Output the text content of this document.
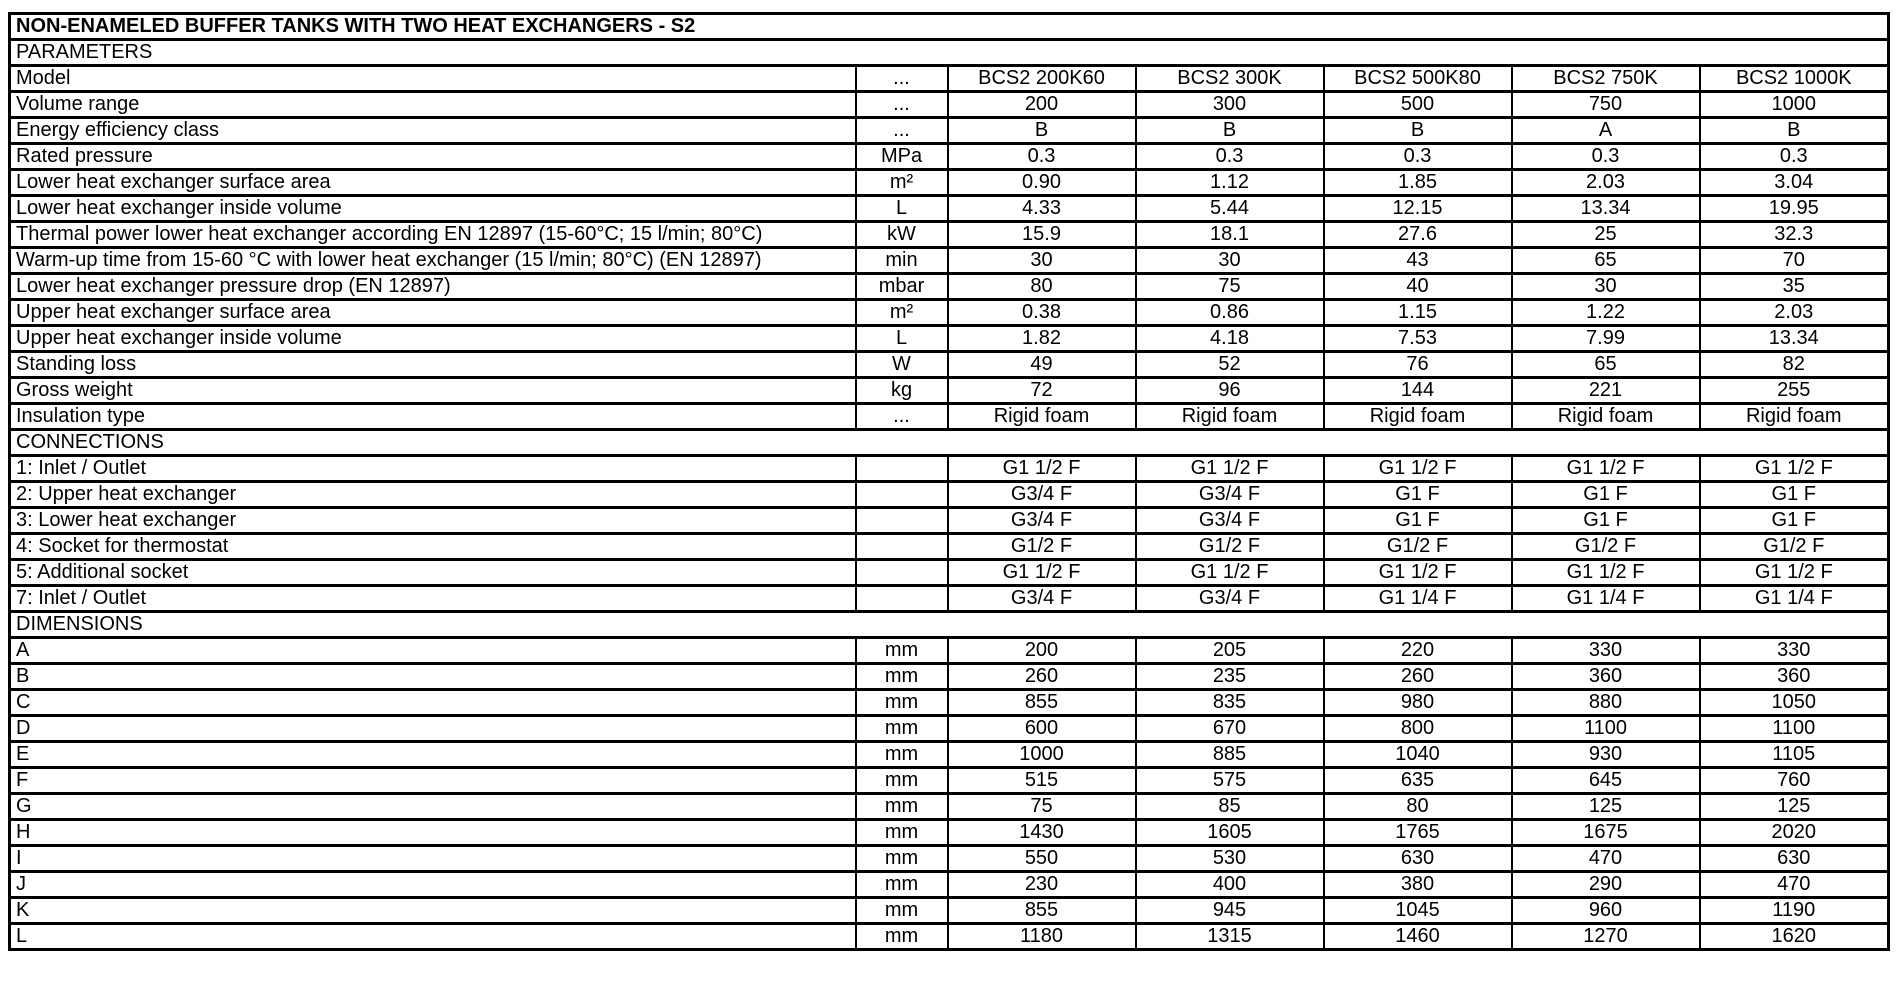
NON-ENAMELED BUFFER TANKS WITH TWO HEAT EXCHANGERS - S2						
PARAMETERS						
Model	...	BCS2 200K60	BCS2 300K	BCS2 500K80	BCS2 750K	BCS2 1000K
Volume range	...	200	300	500	750	1000
Energy efficiency class	...	B	B	B	A	B
Rated pressure	MPa	0.3	0.3	0.3	0.3	0.3
Lower heat exchanger surface area	m²	0.90	1.12	1.85	2.03	3.04
Lower heat exchanger inside volume	L	4.33	5.44	12.15	13.34	19.95
Thermal power lower heat exchanger according EN 12897 (15-60°C; 15 l/min; 80°C)	kW	15.9	18.1	27.6	25	32.3
Warm-up time from 15-60 °C with lower heat exchanger (15 l/min; 80°C) (EN 12897)	min	30	30	43	65	70
Lower heat exchanger pressure drop (EN 12897)	mbar	80	75	40	30	35
Upper heat exchanger surface area	m²	0.38	0.86	1.15	1.22	2.03
Upper heat exchanger inside volume	L	1.82	4.18	7.53	7.99	13.34
Standing loss	W	49	52	76	65	82
Gross weight	kg	72	96	144	221	255
Insulation type	...	Rigid foam	Rigid foam	Rigid foam	Rigid foam	Rigid foam
CONNECTIONS						
1: Inlet / Outlet		G1 1/2 F	G1 1/2 F	G1 1/2 F	G1 1/2 F	G1 1/2 F
2: Upper heat exchanger		G3/4 F	G3/4 F	G1 F	G1 F	G1 F
3: Lower heat exchanger		G3/4 F	G3/4 F	G1 F	G1 F	G1 F
4: Socket for thermostat		G1/2 F	G1/2 F	G1/2 F	G1/2 F	G1/2 F
5: Additional socket		G1 1/2 F	G1 1/2 F	G1 1/2 F	G1 1/2 F	G1 1/2 F
7: Inlet / Outlet		G3/4 F	G3/4 F	G1 1/4 F	G1 1/4 F	G1 1/4 F
DIMENSIONS						
A	mm	200	205	220	330	330
B	mm	260	235	260	360	360
C	mm	855	835	980	880	1050
D	mm	600	670	800	1100	1100
E	mm	1000	885	1040	930	1105
F	mm	515	575	635	645	760
G	mm	75	85	80	125	125
H	mm	1430	1605	1765	1675	2020
I	mm	550	530	630	470	630
J	mm	230	400	380	290	470
K	mm	855	945	1045	960	1190
L	mm	1180	1315	1460	1270	1620
